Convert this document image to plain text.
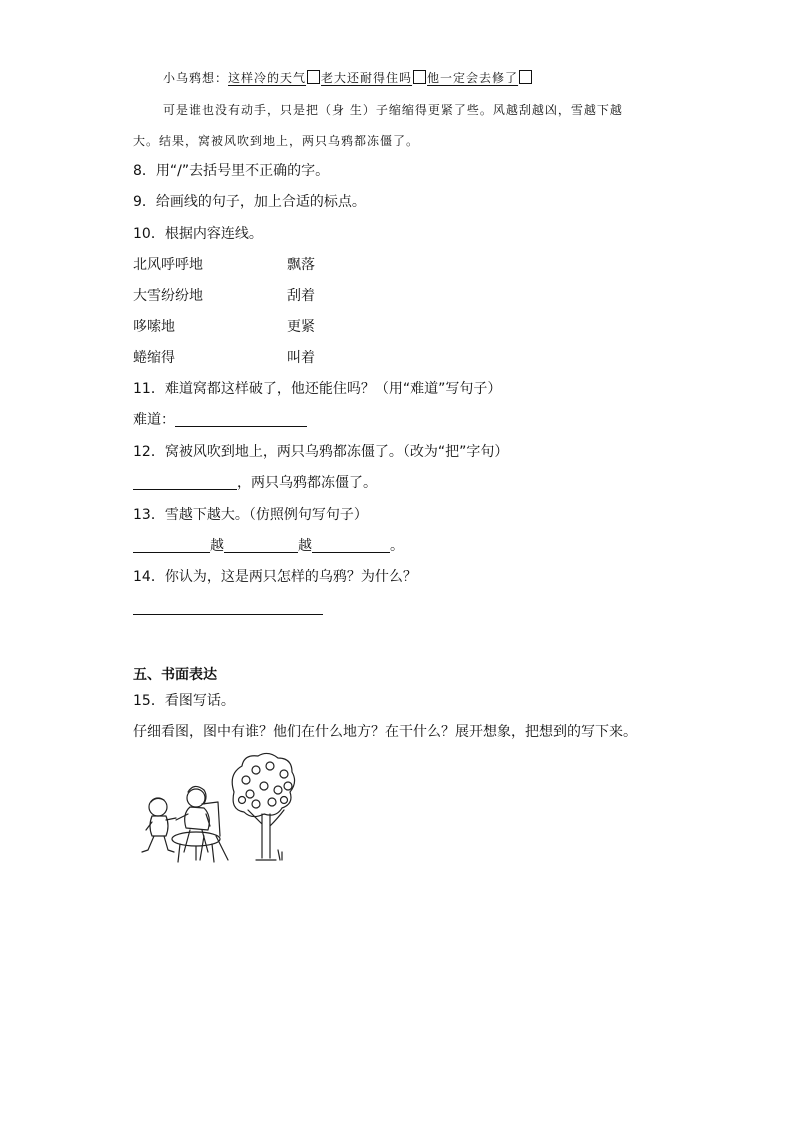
小乌鸦想：这样冷的天气 老大还耐得住吗 他一定会去修了
可是谁也没有动手，只是把（身 生）子缩缩得更紧了些。风越刮越凶，雪越下越
大。结果，窝被风吹到地上，两只乌鸦都冻僵了。
8．用“/”去括号里不正确的字。
9．给画线的句子，加上合适的标点。
10．根据内容连线。
北风呼呼地	飘落
大雪纷纷地	刮着
哆嗦地	更紧
蜷缩得	叫着
11．难道窝都这样破了，他还能住吗？（用“难道”写句子）
难道：
12．窝被风吹到地上，两只乌鸦都冻僵了。（改为“把”字句）
，两只乌鸦都冻僵了。
13．雪越下越大。（仿照例句写句子）
越	越	。
14．你认为，这是两只怎样的乌鸦？为什么？
五、书面表达
15．看图写话。
仔细看图，图中有谁？他们在什么地方？在干什么？展开想象，把想到的写下来。
